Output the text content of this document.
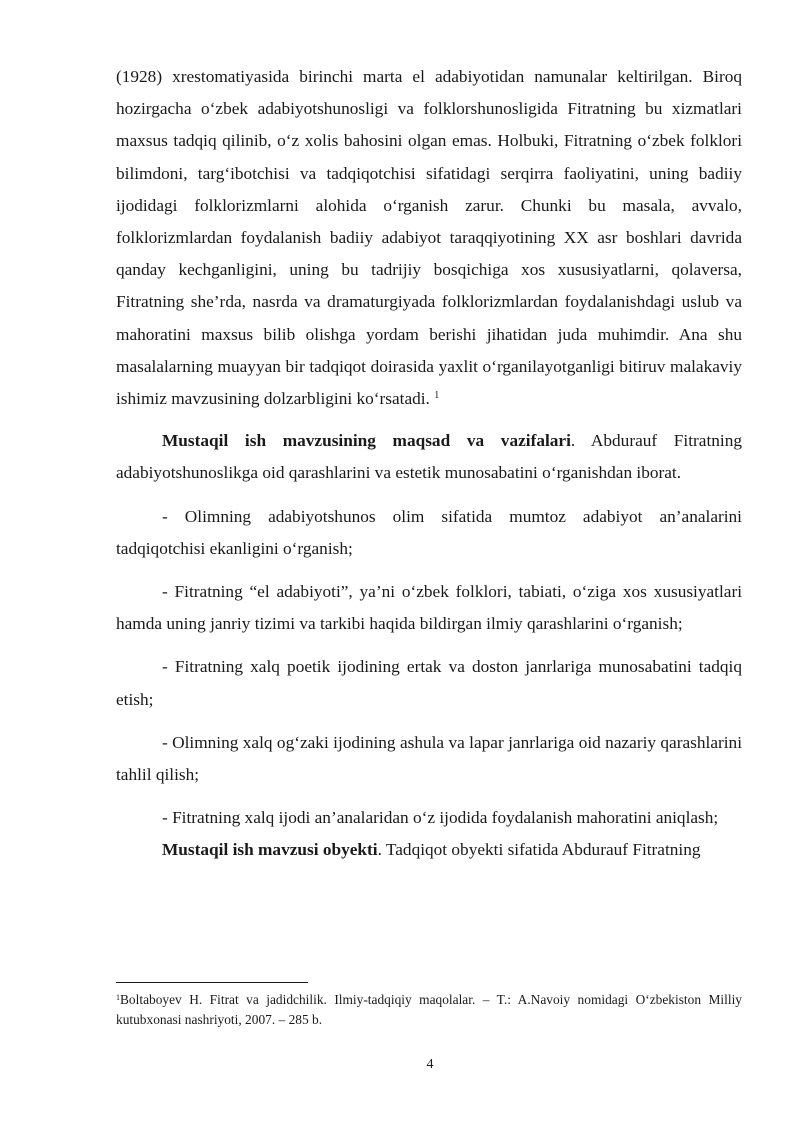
(1928) xrestomatiyasida birinchi marta el adabiyotidan namunalar keltirilgan. Biroq hozirgacha o‘zbek adabiyotshunosligi va folklorshunosligida Fitratning bu xizmatlari maxsus tadqiq qilinib, o‘z xolis bahosini olgan emas. Holbuki, Fitratning o‘zbek folklori bilimdoni, targ‘ibotchisi va tadqiqotchisi sifatidagi serqirra faoliyatini, uning badiiy ijodidagi folklorizmlarni alohida o‘rganish zarur. Chunki bu masala, avvalo, folklorizmlardan foydalanish badiiy adabiyot taraqqiyotining XX asr boshlari davrida qanday kechganligini, uning bu tadrijiy bosqichiga xos xususiyatlarni, qolaversa, Fitratning she’rda, nasrda va dramaturgiyada folklorizmlardan foydalanishdagi uslub va mahoratini maxsus bilib olishga yordam berishi jihatidan juda muhimdir. Ana shu masalalarning muayyan bir tadqiqot doirasida yaxlit o‘rganilayotganligi bitiruv malakaviy ishimiz mavzusining dolzarbligini ko‘rsatadi. $^1$

Mustaqil ish mavzusining maqsad va vazifalari. Abdurauf Fitratning adabiyotshunoslikga oid qarashlarini va estetik munosabatini o‘rganishdan iborat.

- Olimning adabiyotshunos olim sifatida mumtoz adabiyot an’analarini tadqiqotchisi ekanligini o‘rganish;

- Fitratning “el adabiyoti”, ya’ni o‘zbek folklori, tabiati, o‘ziga xos xususiyatlari hamda uning janriy tizimi va tarkibi haqida bildirgan ilmiy qarashlarini o‘rganish;

- Fitratning xalq poetik ijodining ertak va doston janrlariga munosabatini tadqiq etish;

- Olimning xalq og‘zaki ijodining ashula va lapar janrlariga oid nazariy qarashlarini tahlil qilish;

- Fitratning xalq ijodi an’analaridan o‘z ijodida foydalanish mahoratini aniqlash;

Mustaqil ish mavzusi obyekti. Tadqiqot obyekti sifatida Abdurauf Fitratning

$^1$Boltaboyev H. Fitrat va jadidchilik. Ilmiy-tadqiqiy maqolalar. – T.: A.Navoiy nomidagi O‘zbekiston Milliy kutubxonasi nashriyoti, 2007. – 285 b.

4
